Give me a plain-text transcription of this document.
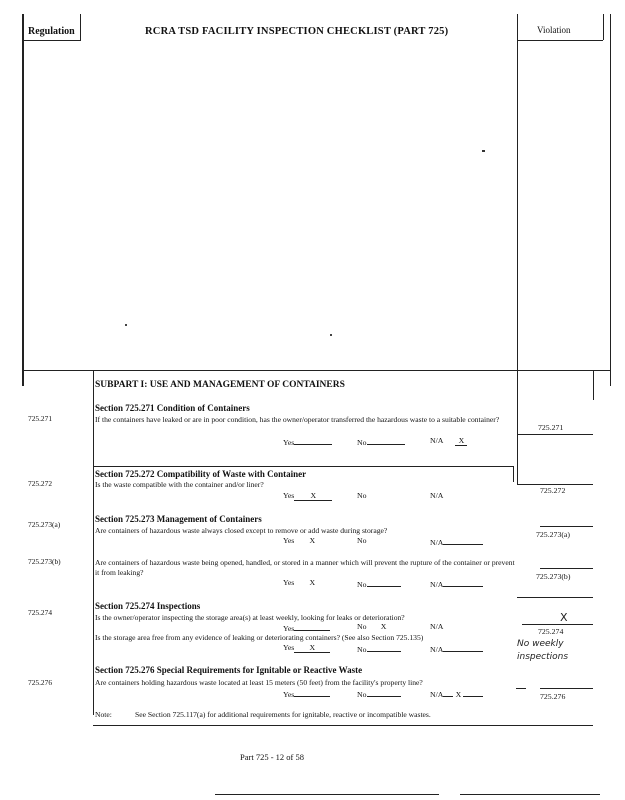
Regulation	RCRA TSD FACILITY INSPECTION CHECKLIST (PART 725)	Violation
SUBPART I: USE AND MANAGEMENT OF CONTAINERS
725.271
Section 725.271 Condition of Containers
If the containers have leaked or are in poor condition, has the owner/operator transferred the hazardous waste to a suitable container?
Yes	No	N/A X
725.271
725.272
Section 725.272 Compatibility of Waste with Container
Is the waste compatible with the container and/or liner?
Yes X	No	N/A
725.272
725.273(a)
Section 725.273 Management of Containers
Are containers of hazardous waste always closed except to remove or add waste during storage?
Yes X	No	N/A
725.273(a)
725.273(b)	Are containers of hazardous waste being opened, handled, or stored in a manner which will prevent the rupture of the container or prevent it from leaking?
Yes X	No	N/A
725.273(b)
725.274
Section 725.274 Inspections
Is the owner/operator inspecting the storage area(s) at least weekly, looking for leaks or deterioration?
Yes	No X	N/A
Is the storage area free from any evidence of leaking or deteriorating containers? (See also Section 725.135)
Yes X	No	N/A
X
725.274
No weekly inspections
725.276
Section 725.276 Special Requirements for Ignitable or Reactive Waste
Are containers holding hazardous waste located at least 15 meters (50 feet) from the facility's property line?
Yes	No	N/A X	725.276
Note:	See Section 725.117(a) for additional requirements for ignitable, reactive or incompatible wastes.
Part 725 - 12 of 58
